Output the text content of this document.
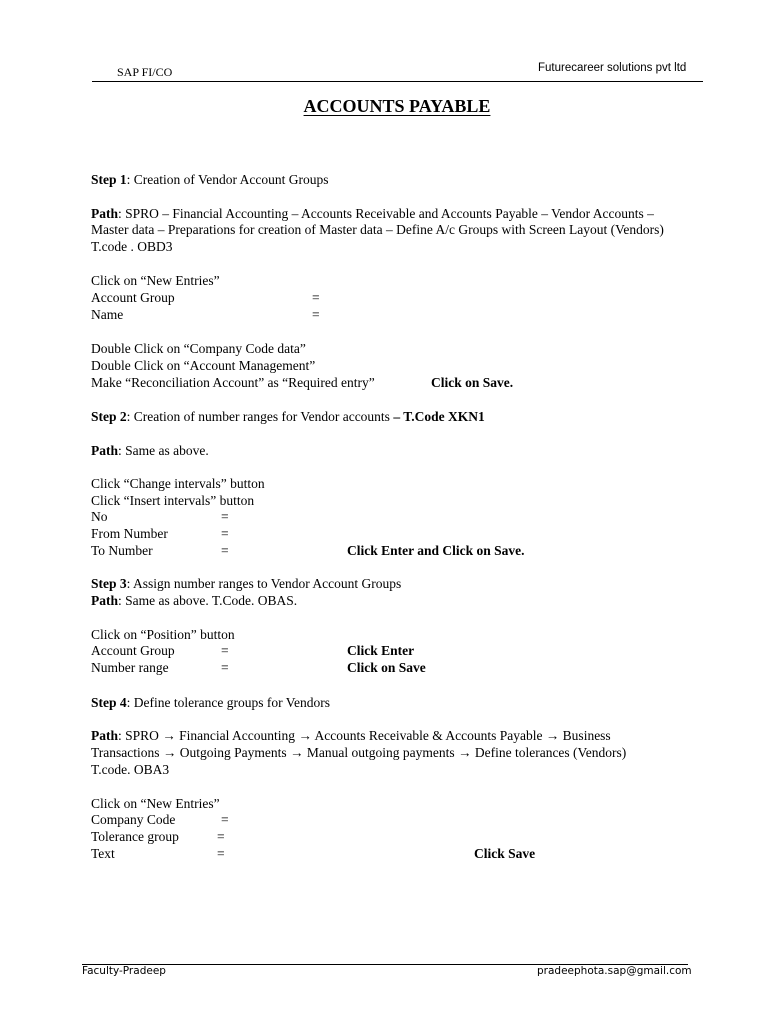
SAP FI/CO	Futurecareer solutions pvt ltd
ACCOUNTS PAYABLE
Step 1: Creation of Vendor Account Groups
Path: SPRO – Financial Accounting – Accounts Receivable and Accounts Payable – Vendor Accounts –
Master data – Preparations for creation of Master data – Define A/c Groups with Screen Layout (Vendors)
T.code . OBD3
Click on “New Entries”
Account Group	=
Name	=
Double Click on “Company Code data”
Double Click on “Account Management”
Make “Reconciliation Account” as “Required entry”	Click on Save.
Step 2: Creation of number ranges for Vendor accounts – T.Code XKN1
Path: Same as above.
Click “Change intervals” button
Click “Insert intervals” button
No	=
From Number	=
To Number	=	Click Enter and Click on Save.
Step 3: Assign number ranges to Vendor Account Groups
Path: Same as above. T.Code. OBAS.
Click on “Position” button
Account Group	=	Click Enter
Number range	=	Click on Save
Step 4: Define tolerance groups for Vendors
Path: SPRO → Financial Accounting → Accounts Receivable & Accounts Payable → Business
Transactions → Outgoing Payments → Manual outgoing payments → Define tolerances (Vendors)
T.code. OBA3
Click on “New Entries”
Company Code	=
Tolerance group	=
Text	=	Click Save
Faculty-Pradeep	pradeephota.sap@gmail.com
